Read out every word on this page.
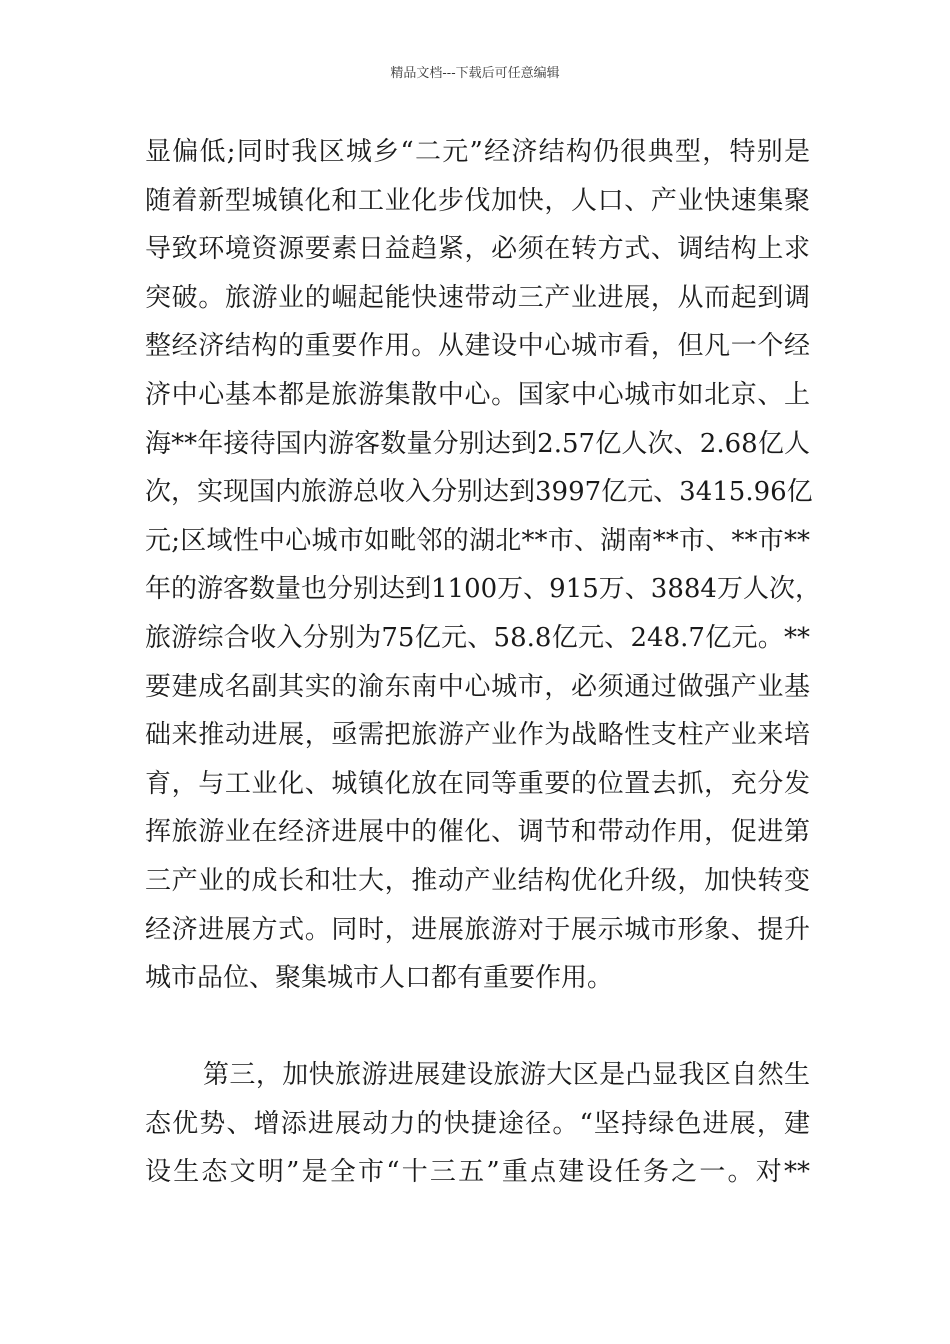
精品文档---下载后可任意编辑
显偏低;同时我区城乡“二元”经济结构仍很典型，特别是
随着新型城镇化和工业化步伐加快，人口、产业快速集聚
导致环境资源要素日益趋紧，必须在转方式、调结构上求
突破。旅游业的崛起能快速带动三产业进展，从而起到调
整经济结构的重要作用。从建设中心城市看，但凡一个经
济中心基本都是旅游集散中心。国家中心城市如北京、上
海**年接待国内游客数量分别达到2.57亿人次、2.68亿人
次，实现国内旅游总收入分别达到3997亿元、3415.96亿
元;区域性中心城市如毗邻的湖北**市、湖南**市、**市**
年的游客数量也分别达到1100万、915万、3884万人次，
旅游综合收入分别为75亿元、58.8亿元、248.7亿元。**
要建成名副其实的渝东南中心城市，必须通过做强产业基
础来推动进展，亟需把旅游产业作为战略性支柱产业来培
育，与工业化、城镇化放在同等重要的位置去抓，充分发
挥旅游业在经济进展中的催化、调节和带动作用，促进第
三产业的成长和壮大，推动产业结构优化升级，加快转变
经济进展方式。同时，进展旅游对于展示城市形象、提升
城市品位、聚集城市人口都有重要作用。
第三，加快旅游进展建设旅游大区是凸显我区自然生
态优势、增添进展动力的快捷途径。“坚持绿色进展，建
设生态文明”是全市“十三五”重点建设任务之一。对**
